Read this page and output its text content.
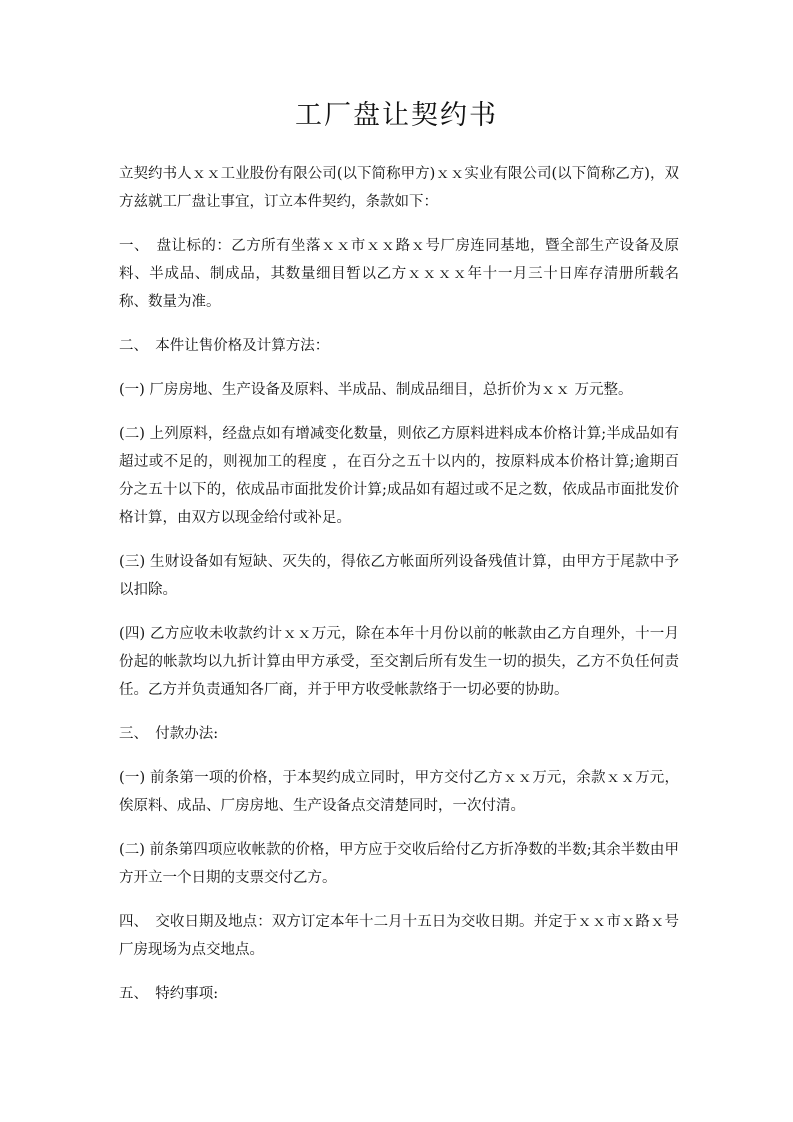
工厂盘让契约书

立契约书人ｘｘ工业股份有限公司(以下简称甲方)ｘｘ实业有限公司(以下简称乙方)，双方兹就工厂盘让事宜，订立本件契约，条款如下：

一、　盘让标的：乙方所有坐落ｘｘ市ｘｘ路ｘ号厂房连同基地，暨全部生产设备及原料、半成品、制成品，其数量细目暂以乙方ｘｘｘｘ年十一月三十日库存清册所载名称、数量为准。

二、　本件让售价格及计算方法：

(一) 厂房房地、生产设备及原料、半成品、制成品细目，总折价为ｘｘ 万元整。

(二) 上列原料，经盘点如有增减变化数量，则依乙方原料进料成本价格计算;半成品如有超过或不足的，则视加工的程度 ，在百分之五十以内的，按原料成本价格计算;逾期百分之五十以下的，依成品市面批发价计算;成品如有超过或不足之数，依成品市面批发价格计算，由双方以现金给付或补足。

(三) 生财设备如有短缺、灭失的，得依乙方帐面所列设备残值计算，由甲方于尾款中予以扣除。

(四) 乙方应收未收款约计ｘｘ万元，除在本年十月份以前的帐款由乙方自理外，十一月份起的帐款均以九折计算由甲方承受，至交割后所有发生一切的损失，乙方不负任何责任。乙方并负责通知各厂商，并于甲方收受帐款络于一切必要的协助。

三、　付款办法:

(一) 前条第一项的价格，于本契约成立同时，甲方交付乙方ｘｘ万元，余款ｘｘ万元，俟原料、成品、厂房房地、生产设备点交清楚同时，一次付清。

(二) 前条第四项应收帐款的价格，甲方应于交收后给付乙方折净数的半数;其余半数由甲方开立一个日期的支票交付乙方。

四、　交收日期及地点：双方订定本年十二月十五日为交收日期。并定于ｘｘ市ｘ路ｘ号厂房现场为点交地点。

五、　特约事项:
